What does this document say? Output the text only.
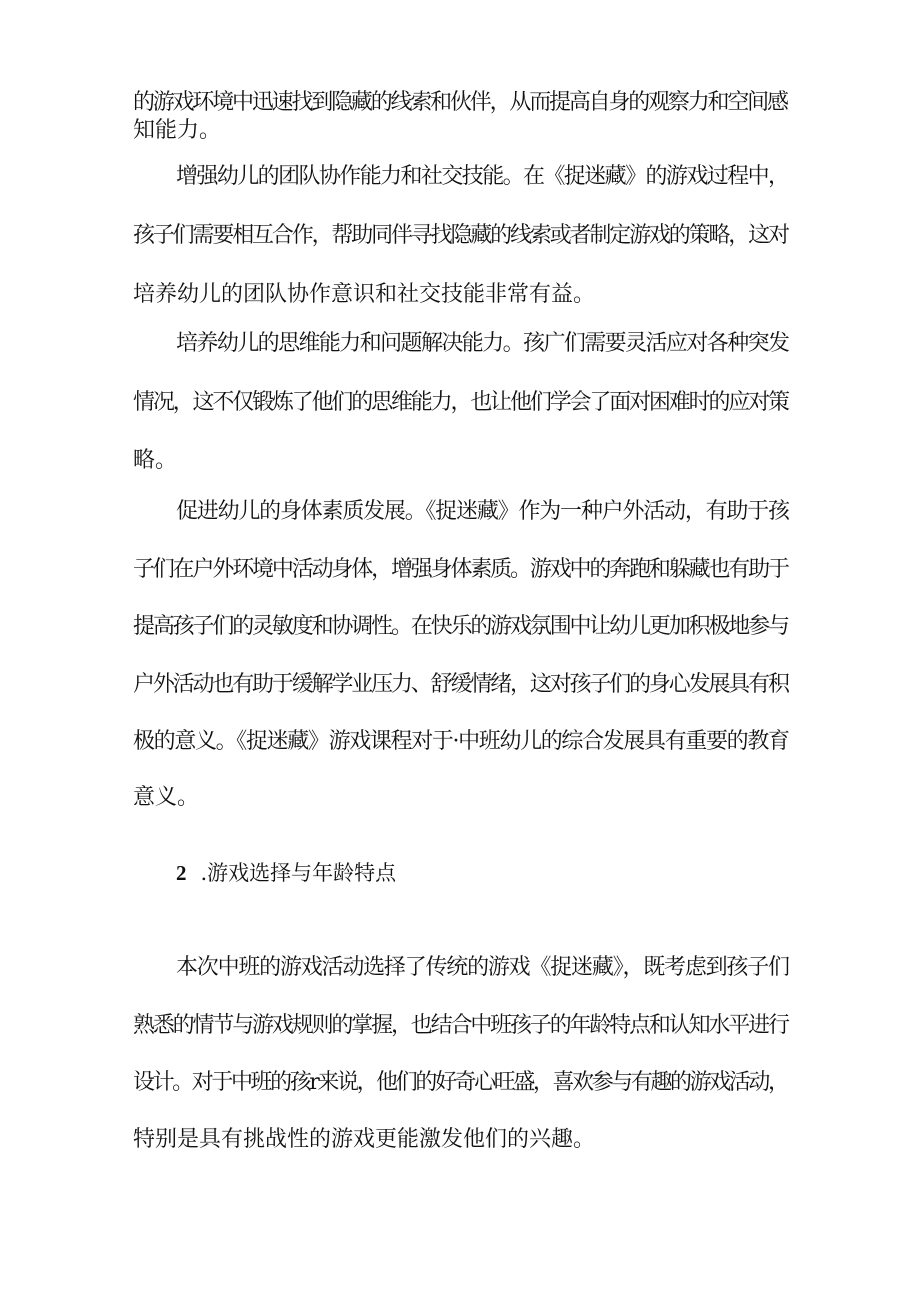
的游戏环境中迅速找到隐藏的线索和伙伴，从而提高自身的观察力和空间感
知能力。
增强幼儿的团队协作能力和社交技能。在《捉迷藏》的游戏过程中，
孩子们需要相互合作，帮助同伴寻找隐藏的线索或者制定游戏的策略，这对
培养幼儿的团队协作意识和社交技能非常有益。
培养幼儿的思维能力和问题解决能力。孩广们需要灵活应对各种突发
情况，这不仅锻炼了他们的思维能力，也让他们学会了面对困难时的应对策
略。
促进幼儿的身体素质发展。《捉迷藏》作为一种户外活动，有助于孩
子们在户外环境中活动身体，增强身体素质。游戏中的奔跑和躲藏也有助于
提高孩子们的灵敏度和协调性。在快乐的游戏氛围中让幼儿更加积极地参与
户外活动也有助于缓解学业压力、舒缓情绪，这对孩子们的身心发展具有积
极的意义。《捉迷藏》游戏课程对于·中班幼儿的综合发展具有重要的教育
意义。
2 .游戏选择与年龄特点
本次中班的游戏活动选择了传统的游戏《捉迷藏》，既考虑到孩子们
熟悉的情节与游戏规则的掌握，也结合中班孩子的年龄特点和认知水平进行
设计。对于中班的孩r来说，他们的好奇心旺盛，喜欢参与有趣的游戏活动，
特别是具有挑战性的游戏更能激发他们的兴趣。
